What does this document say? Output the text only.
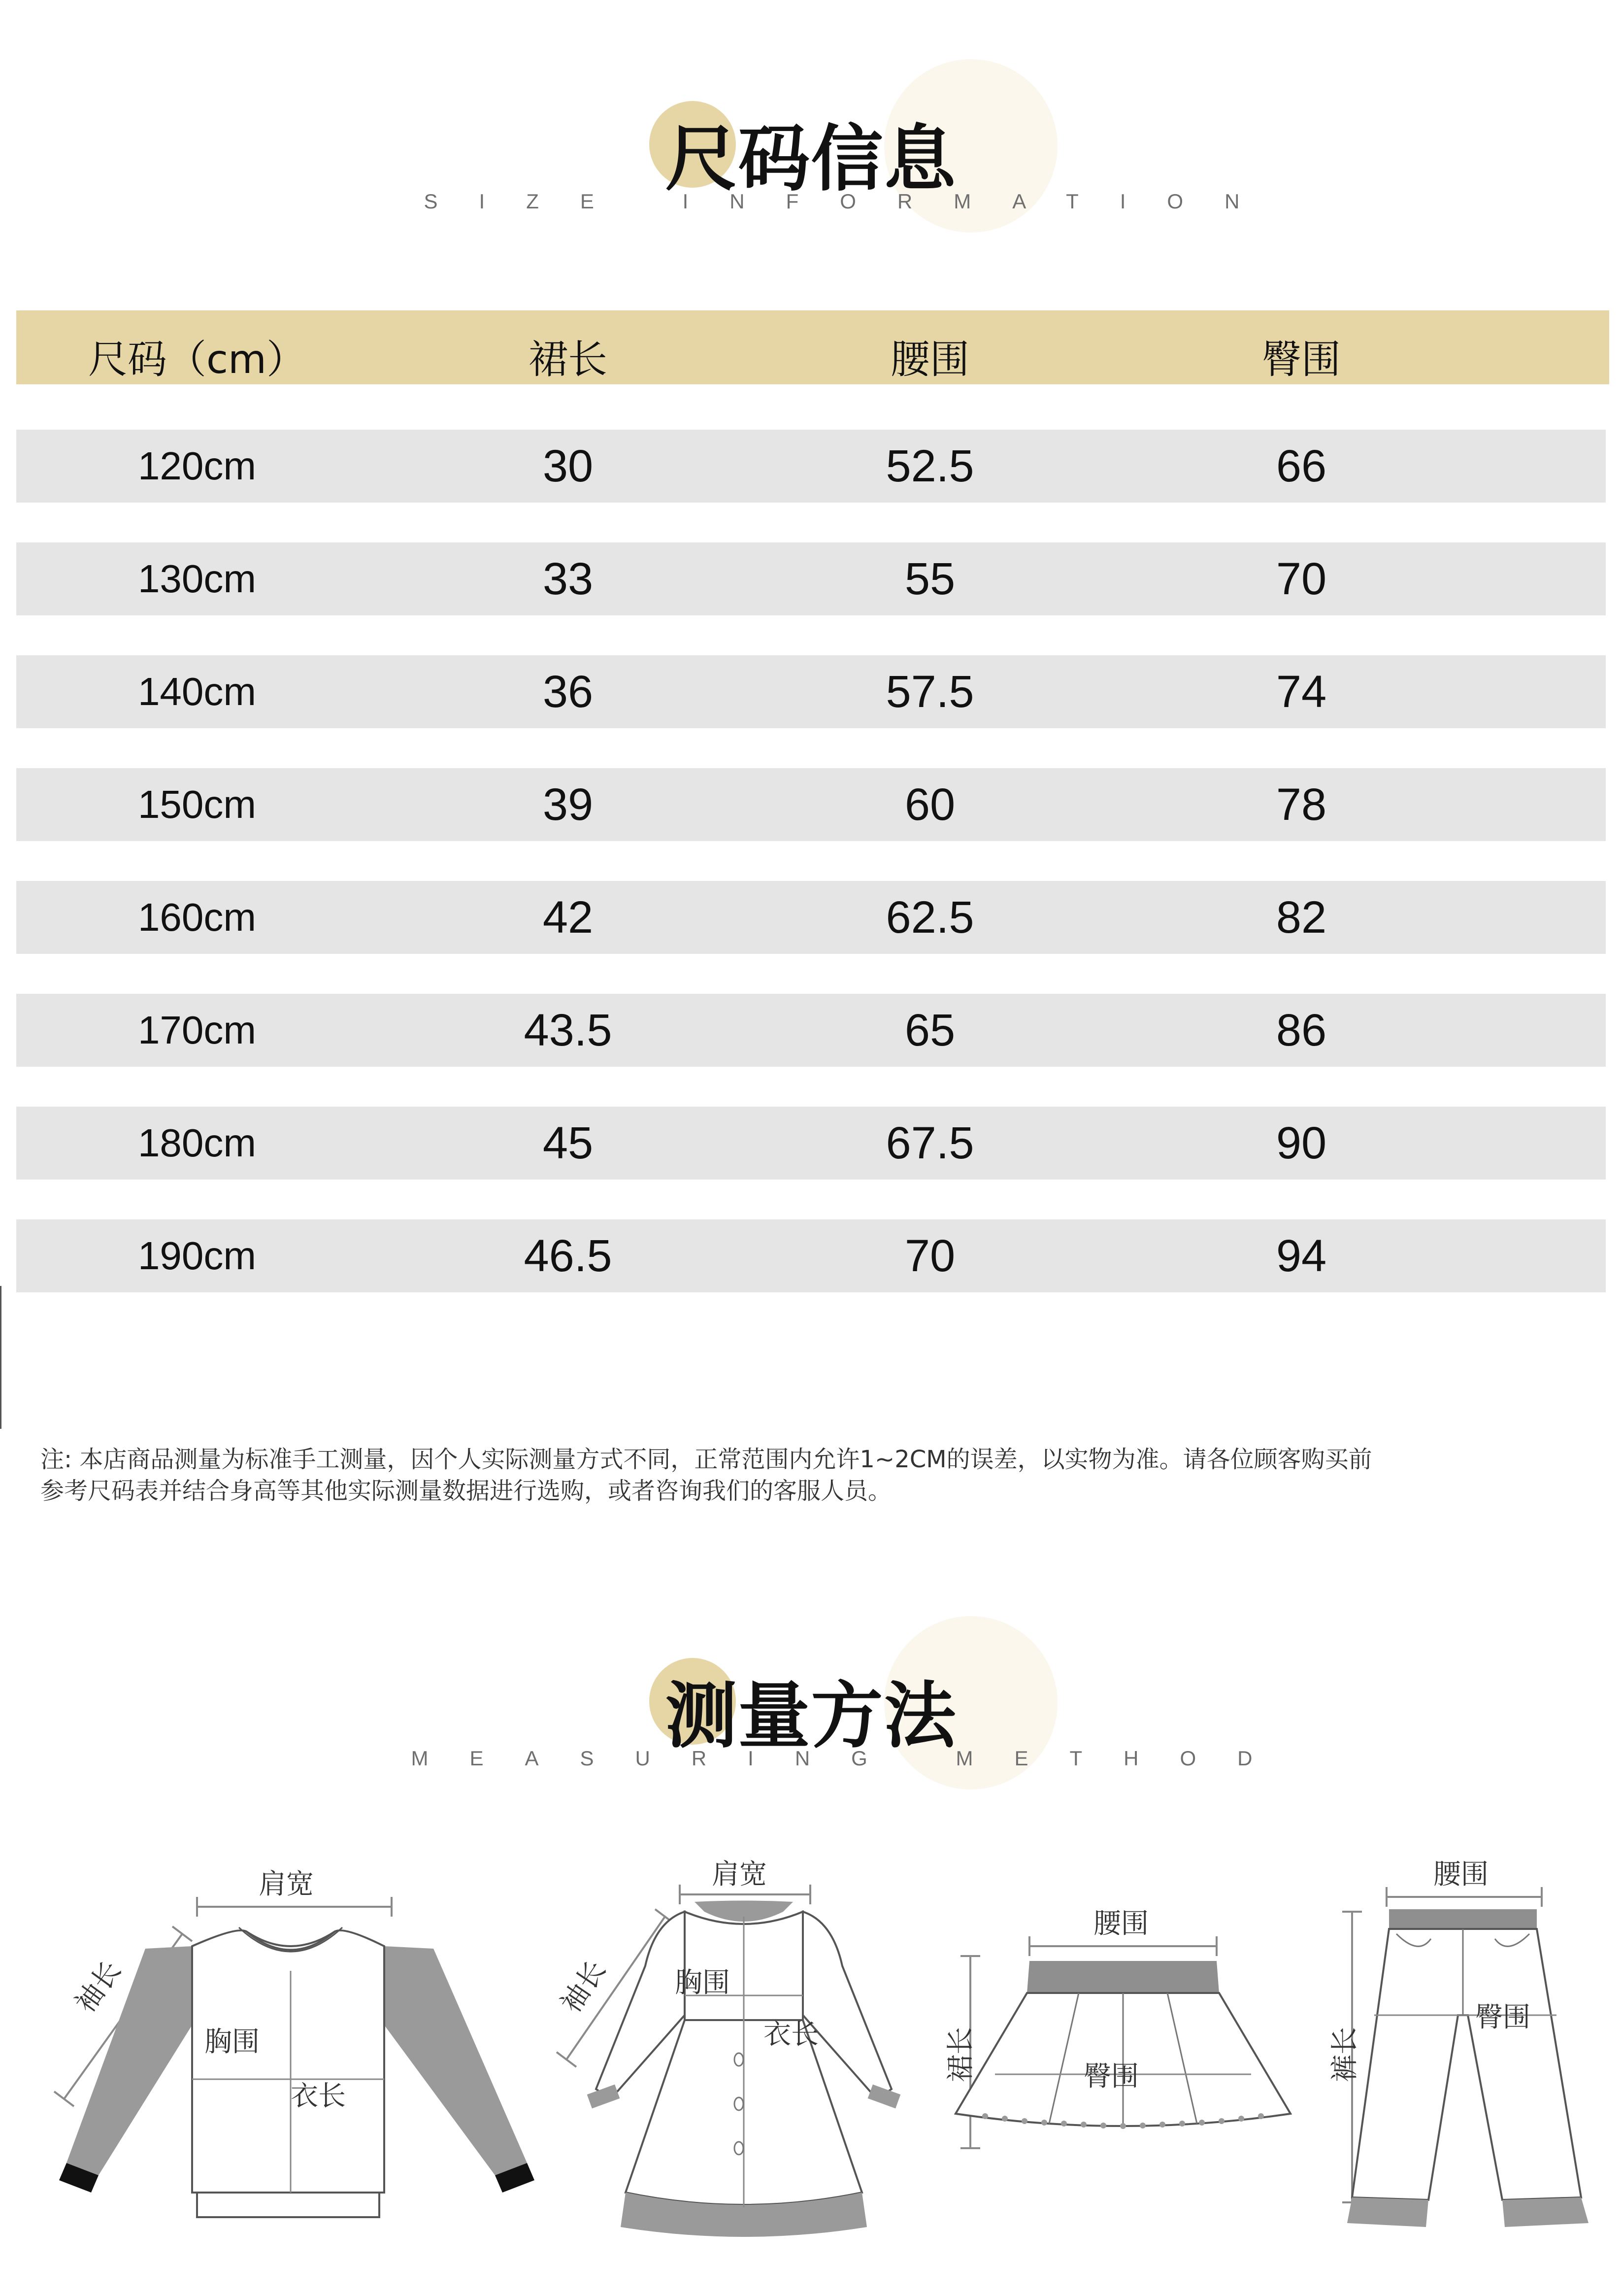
尺码信息
SIZE INFORMATION
尺码（cm）	裙长	腰围	臀围
120cm	30	52.5	66
130cm	33	55	70
140cm	36	57.5	74
150cm	39	60	78
160cm	42	62.5	82
170cm	43.5	65	86
180cm	45	67.5	90
190cm	46.5	70	94
注: 本店商品测量为标准手工测量，因个人实际测量方式不同，正常范围内允许1~2CM的误差，以实物为准。请各位顾客购买前
参考尺码表并结合身高等其他实际测量数据进行选购，或者咨询我们的客服人员。
测量方法
MEASURING METHOD
肩宽
袖长
胸围
衣长
肩宽
袖长 胸围
衣长
腰围
裙长	臀围
腰围
裤长
臀围
